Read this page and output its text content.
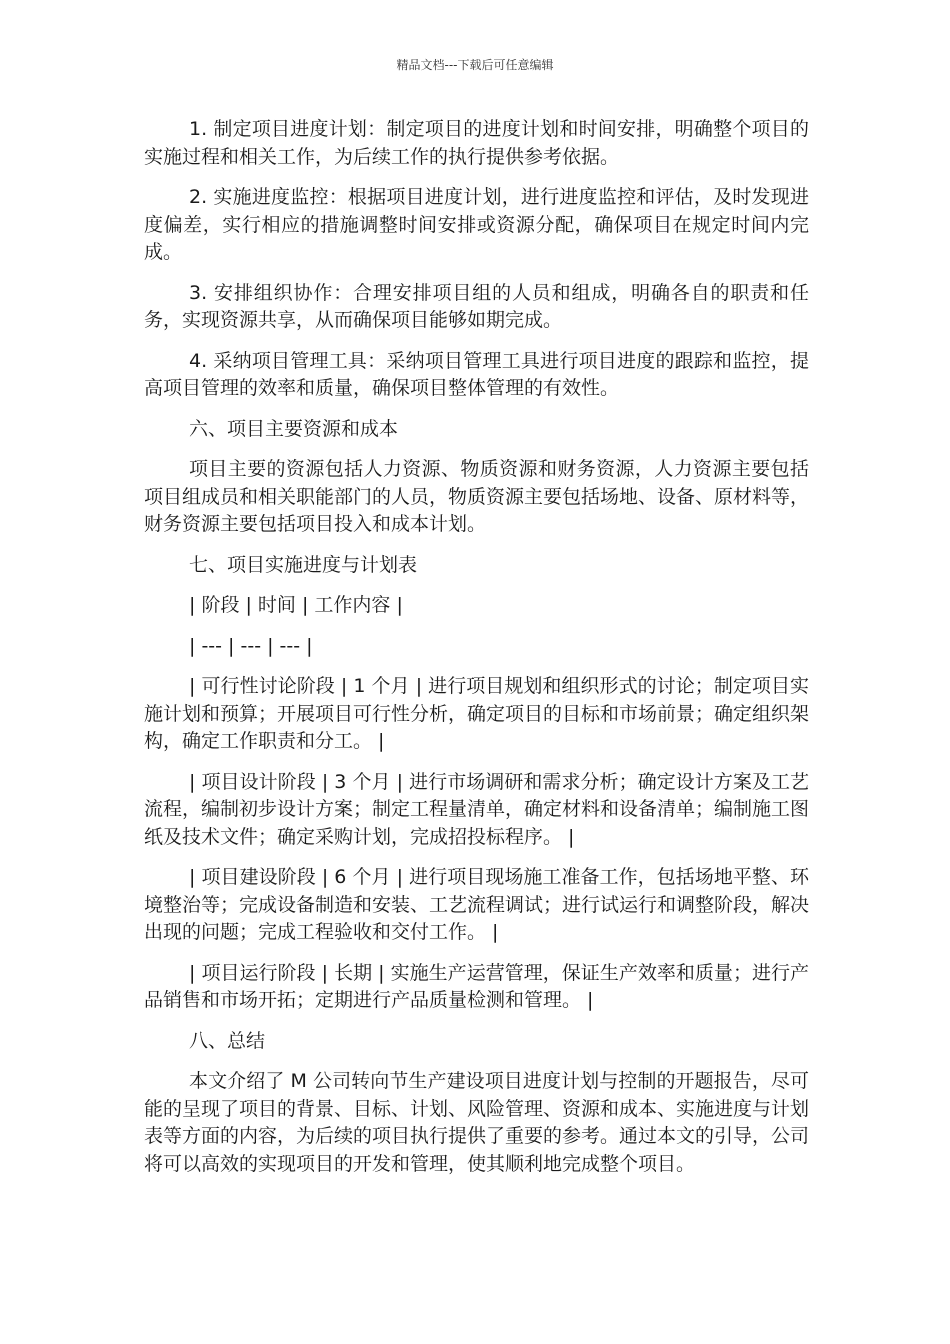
精品文档---下载后可任意编辑

1. 制定项目进度计划：制定项目的进度计划和时间安排，明确整个项目的实施过程和相关工作，为后续工作的执行提供参考依据。

2. 实施进度监控：根据项目进度计划，进行进度监控和评估，及时发现进度偏差，实行相应的措施调整时间安排或资源分配，确保项目在规定时间内完成。

3. 安排组织协作：合理安排项目组的人员和组成，明确各自的职责和任务，实现资源共享，从而确保项目能够如期完成。

4. 采纳项目管理工具：采纳项目管理工具进行项目进度的跟踪和监控，提高项目管理的效率和质量，确保项目整体管理的有效性。

六、项目主要资源和成本

项目主要的资源包括人力资源、物质资源和财务资源，人力资源主要包括项目组成员和相关职能部门的人员，物质资源主要包括场地、设备、原材料等，财务资源主要包括项目投入和成本计划。

七、项目实施进度与计划表

| 阶段 | 时间 | 工作内容 |

| --- | --- | --- |

| 可行性讨论阶段 | 1 个月 | 进行项目规划和组织形式的讨论；制定项目实施计划和预算；开展项目可行性分析，确定项目的目标和市场前景；确定组织架构，确定工作职责和分工。 |

| 项目设计阶段 | 3 个月 | 进行市场调研和需求分析；确定设计方案及工艺流程，编制初步设计方案；制定工程量清单，确定材料和设备清单；编制施工图纸及技术文件；确定采购计划，完成招投标程序。 |

| 项目建设阶段 | 6 个月 | 进行项目现场施工准备工作，包括场地平整、环境整治等；完成设备制造和安装、工艺流程调试；进行试运行和调整阶段，解决出现的问题；完成工程验收和交付工作。 |

| 项目运行阶段 | 长期 | 实施生产运营管理，保证生产效率和质量；进行产品销售和市场开拓；定期进行产品质量检测和管理。 |

八、总结

本文介绍了 M 公司转向节生产建设项目进度计划与控制的开题报告，尽可能的呈现了项目的背景、目标、计划、风险管理、资源和成本、实施进度与计划表等方面的内容，为后续的项目执行提供了重要的参考。通过本文的引导，公司将可以高效的实现项目的开发和管理，使其顺利地完成整个项目。
